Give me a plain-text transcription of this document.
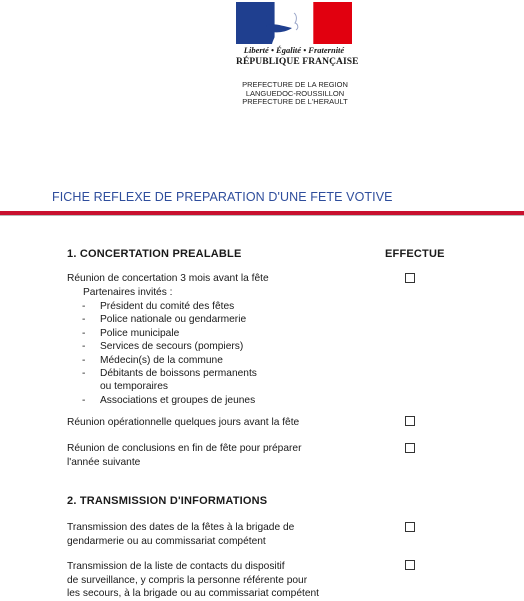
Liberté • Égalité • Fraternité
RÉPUBLIQUE FRANÇAISE
PREFECTURE DE LA REGION
LANGUEDOC-ROUSSILLON
PREFECTURE DE L'HERAULT
FICHE REFLEXE DE PREPARATION D'UNE FETE VOTIVE
1. CONCERTATION PREALABLE	EFFECTUE
Réunion de concertation 3 mois avant la fête
Partenaires invités :
- Président du comité des fêtes
- Police nationale ou gendarmerie
- Police municipale
- Services de secours (pompiers)
- Médecin(s) de la commune
- Débitants de boissons permanents
ou temporaires
- Associations et groupes de jeunes
Réunion opérationnelle quelques jours avant la fête
Réunion de conclusions en fin de fête pour préparer
l'année suivante
2. TRANSMISSION D'INFORMATIONS
Transmission des dates de la fêtes à la brigade de
gendarmerie ou au commissariat compétent
Transmission de la liste de contacts du dispositif
de surveillance, y compris la personne référente pour
les secours, à la brigade ou au commissariat compétent
